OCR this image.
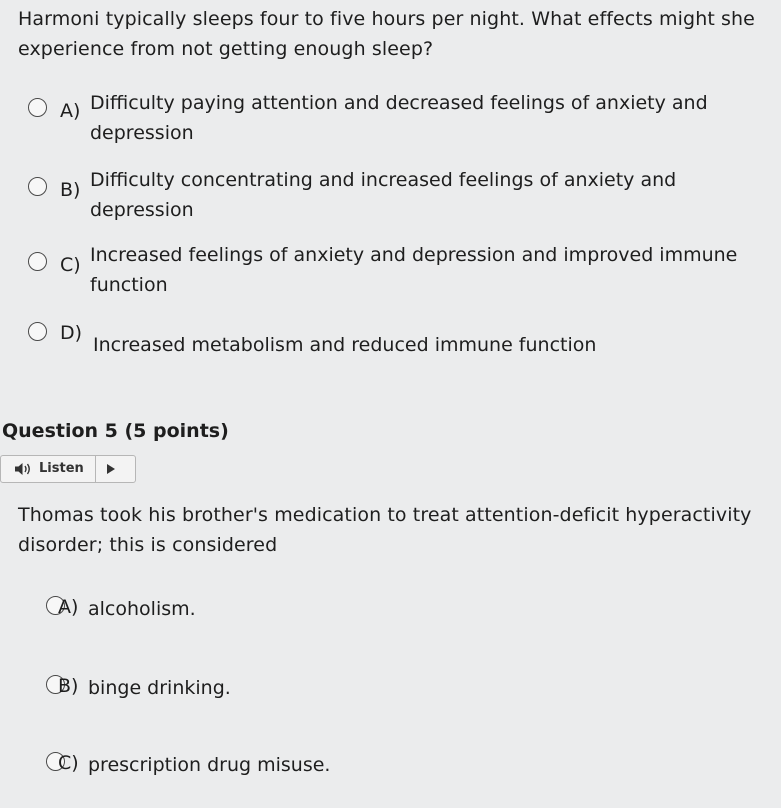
Harmoni typically sleeps four to five hours per night. What effects might she
experience from not getting enough sleep?
A) Difficulty paying attention and decreased feelings of anxiety and
depression
B) Difficulty concentrating and increased feelings of anxiety and
depression
C) Increased feelings of anxiety and depression and improved immune
function
D)
Increased metabolism and reduced immune function
Question 5 (5 points)
Listen
Thomas took his brother's medication to treat attention-deficit hyperactivity
disorder; this is considered
A) alcoholism.
B) binge drinking.
C) prescription drug misuse.
